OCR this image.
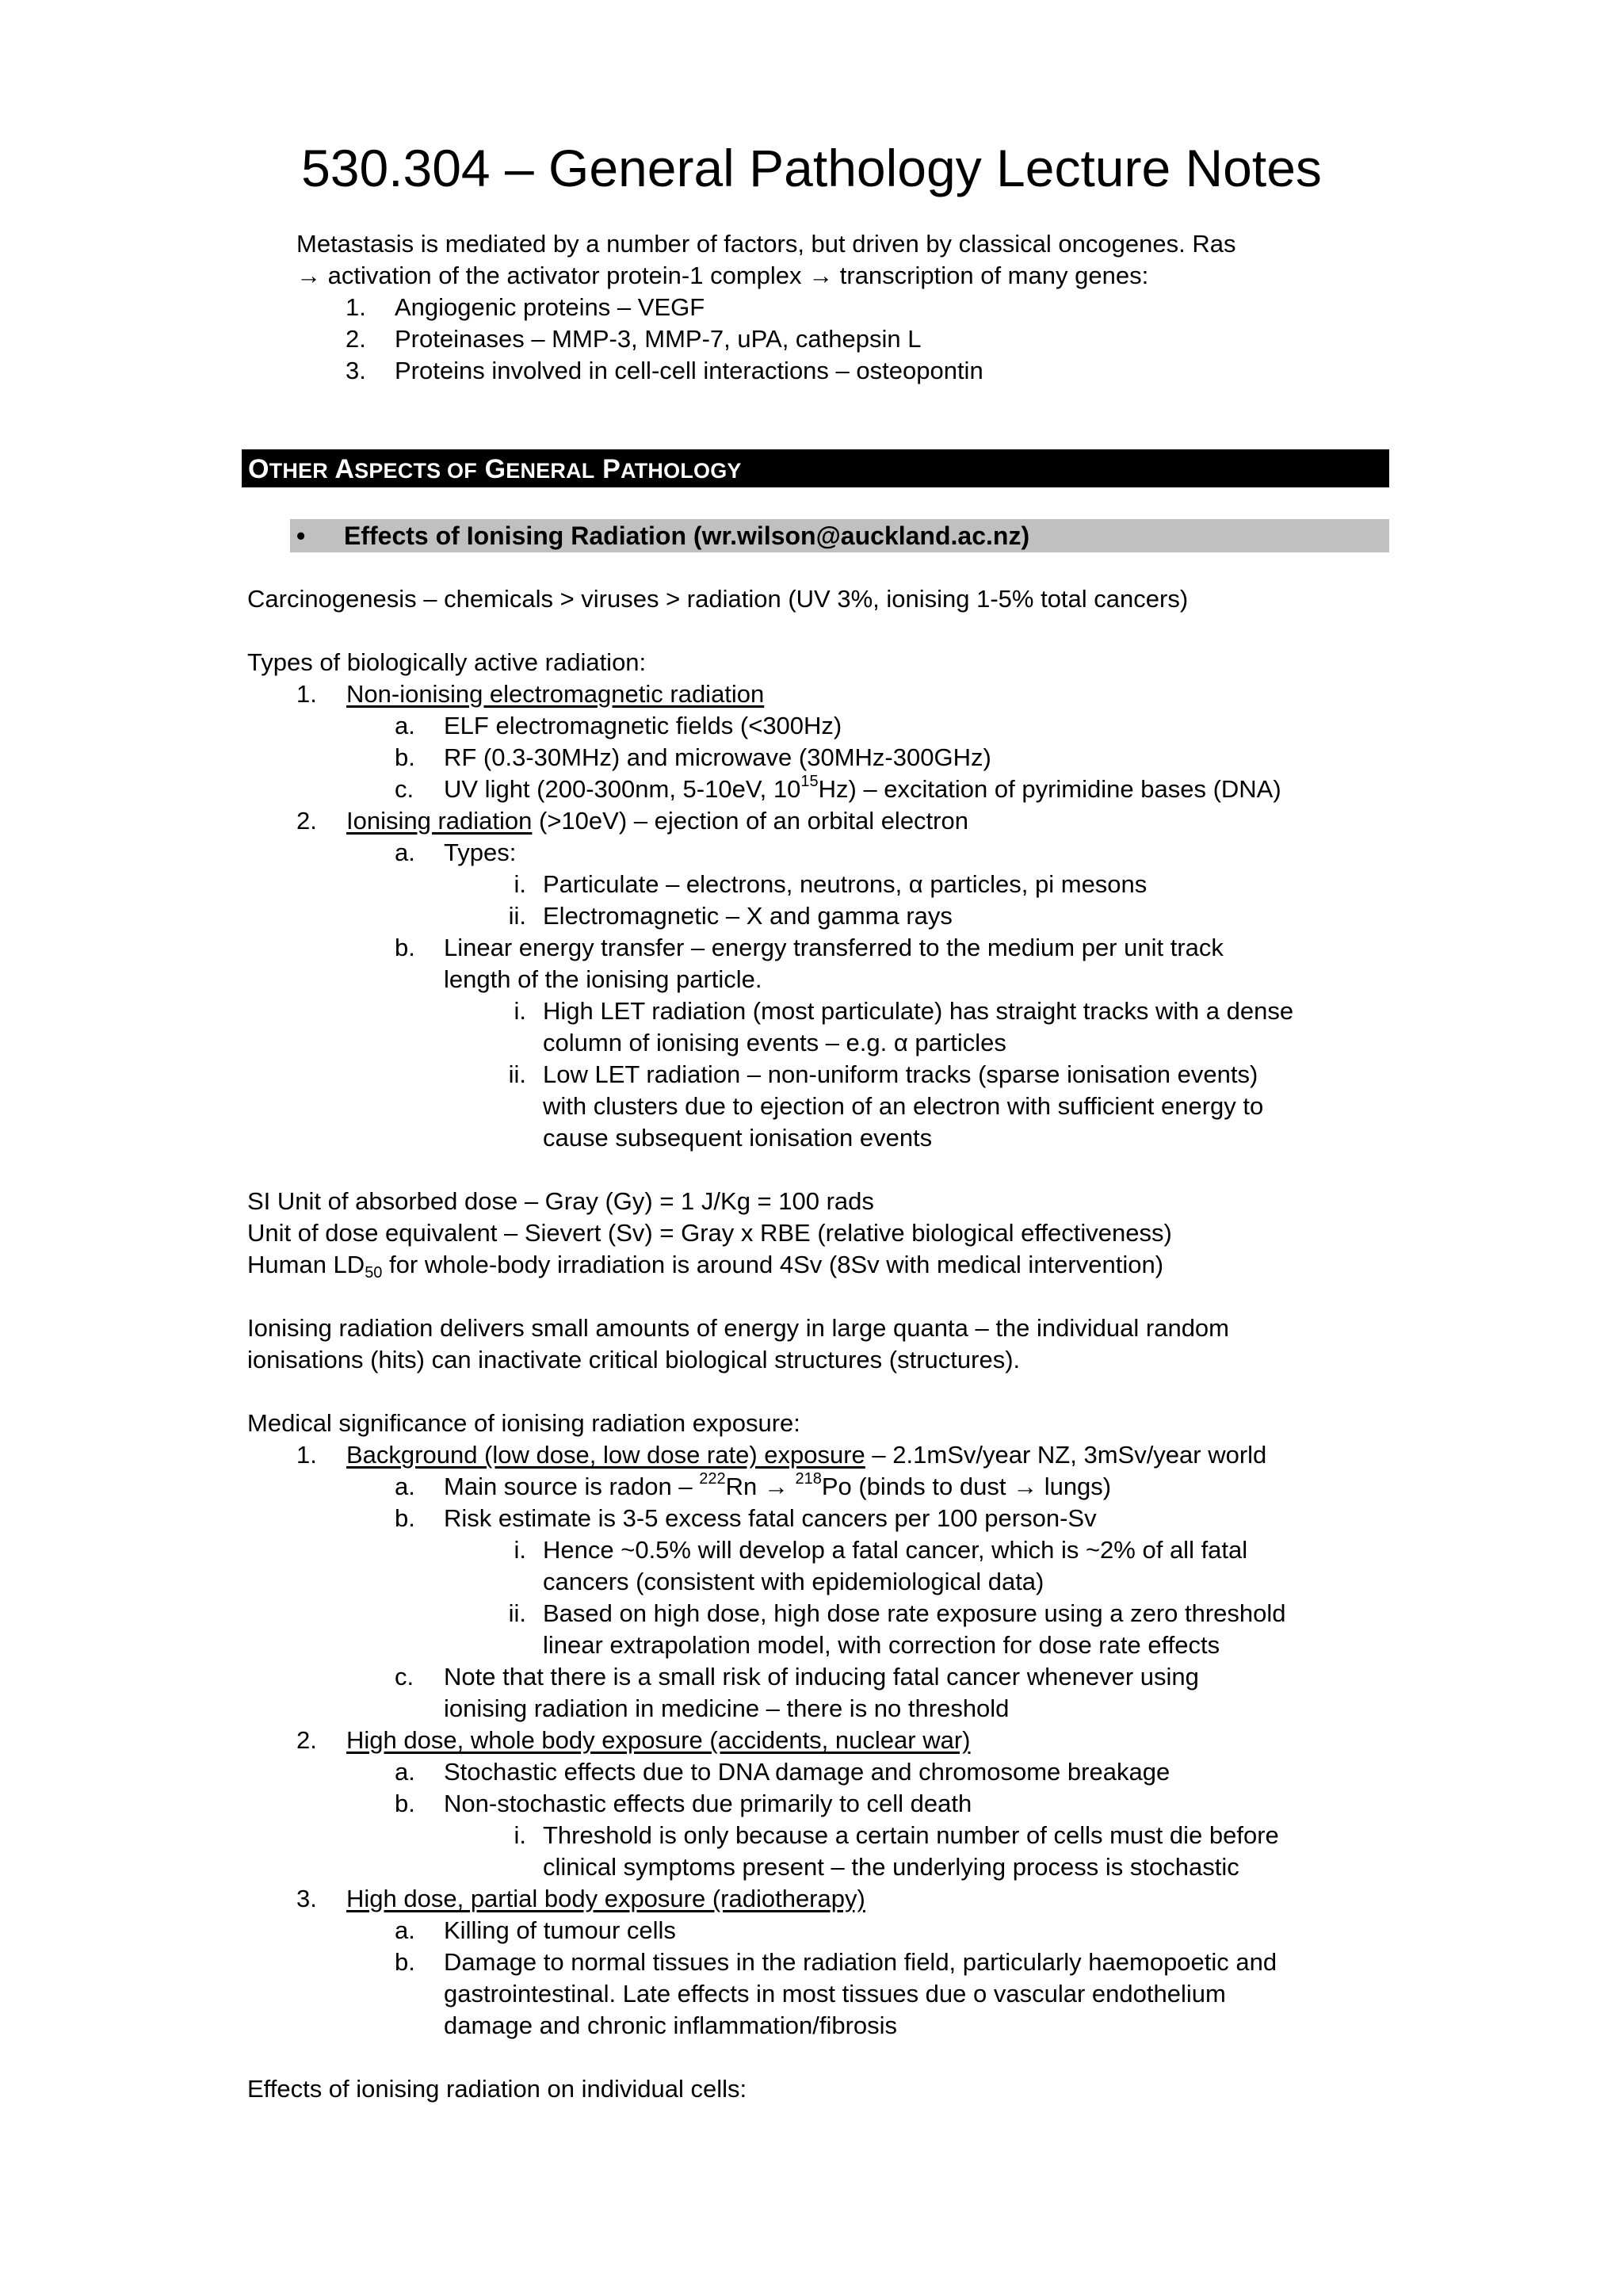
530.304 – General Pathology Lecture Notes
Metastasis is mediated by a number of factors, but driven by classical oncogenes. Ras
→ activation of the activator protein-1 complex → transcription of many genes:
1. Angiogenic proteins – VEGF
2. Proteinases – MMP-3, MMP-7, uPA, cathepsin L
3. Proteins involved in cell-cell interactions – osteopontin
OTHER ASPECTS OF GENERAL PATHOLOGY
• Effects of Ionising Radiation (wr.wilson@auckland.ac.nz)
Carcinogenesis – chemicals > viruses > radiation (UV 3%, ionising 1-5% total cancers)
Types of biologically active radiation:
1. Non-ionising electromagnetic radiation
a. ELF electromagnetic fields (<300Hz)
b. RF (0.3-30MHz) and microwave (30MHz-300GHz)
c. UV light (200-300nm, 5-10eV, $10^{15}Hz$) – excitation of pyrimidine bases (DNA)
2. Ionising radiation (>10eV) – ejection of an orbital electron
a. Types:
i. Particulate – electrons, neutrons, α particles, pi mesons
ii. Electromagnetic – X and gamma rays
b. Linear energy transfer – energy transferred to the medium per unit track
length of the ionising particle.
i. High LET radiation (most particulate) has straight tracks with a dense
column of ionising events – e.g. α particles
ii. Low LET radiation – non-uniform tracks (sparse ionisation events)
with clusters due to ejection of an electron with sufficient energy to
cause subsequent ionisation events
SI Unit of absorbed dose – Gray (Gy) = 1 J/Kg = 100 rads
Unit of dose equivalent – Sievert (Sv) = Gray x RBE (relative biological effectiveness)
Human $LD_{50}$ for whole-body irradiation is around 4Sv (8Sv with medical intervention)
Ionising radiation delivers small amounts of energy in large quanta – the individual random
ionisations (hits) can inactivate critical biological structures (structures).
Medical significance of ionising radiation exposure:
1. Background (low dose, low dose rate) exposure – 2.1mSv/year NZ, 3mSv/year world
a. Main source is radon – $^{222}$Rn → $^{218}$Po (binds to dust → lungs)
b. Risk estimate is 3-5 excess fatal cancers per 100 person-Sv
i. Hence ~0.5% will develop a fatal cancer, which is ~2% of all fatal
cancers (consistent with epidemiological data)
ii. Based on high dose, high dose rate exposure using a zero threshold
linear extrapolation model, with correction for dose rate effects
c. Note that there is a small risk of inducing fatal cancer whenever using
ionising radiation in medicine – there is no threshold
2. High dose, whole body exposure (accidents, nuclear war)
a. Stochastic effects due to DNA damage and chromosome breakage
b. Non-stochastic effects due primarily to cell death
i. Threshold is only because a certain number of cells must die before
clinical symptoms present – the underlying process is stochastic
3. High dose, partial body exposure (radiotherapy)
a. Killing of tumour cells
b. Damage to normal tissues in the radiation field, particularly haemopoetic and
gastrointestinal. Late effects in most tissues due o vascular endothelium
damage and chronic inflammation/fibrosis
Effects of ionising radiation on individual cells:
